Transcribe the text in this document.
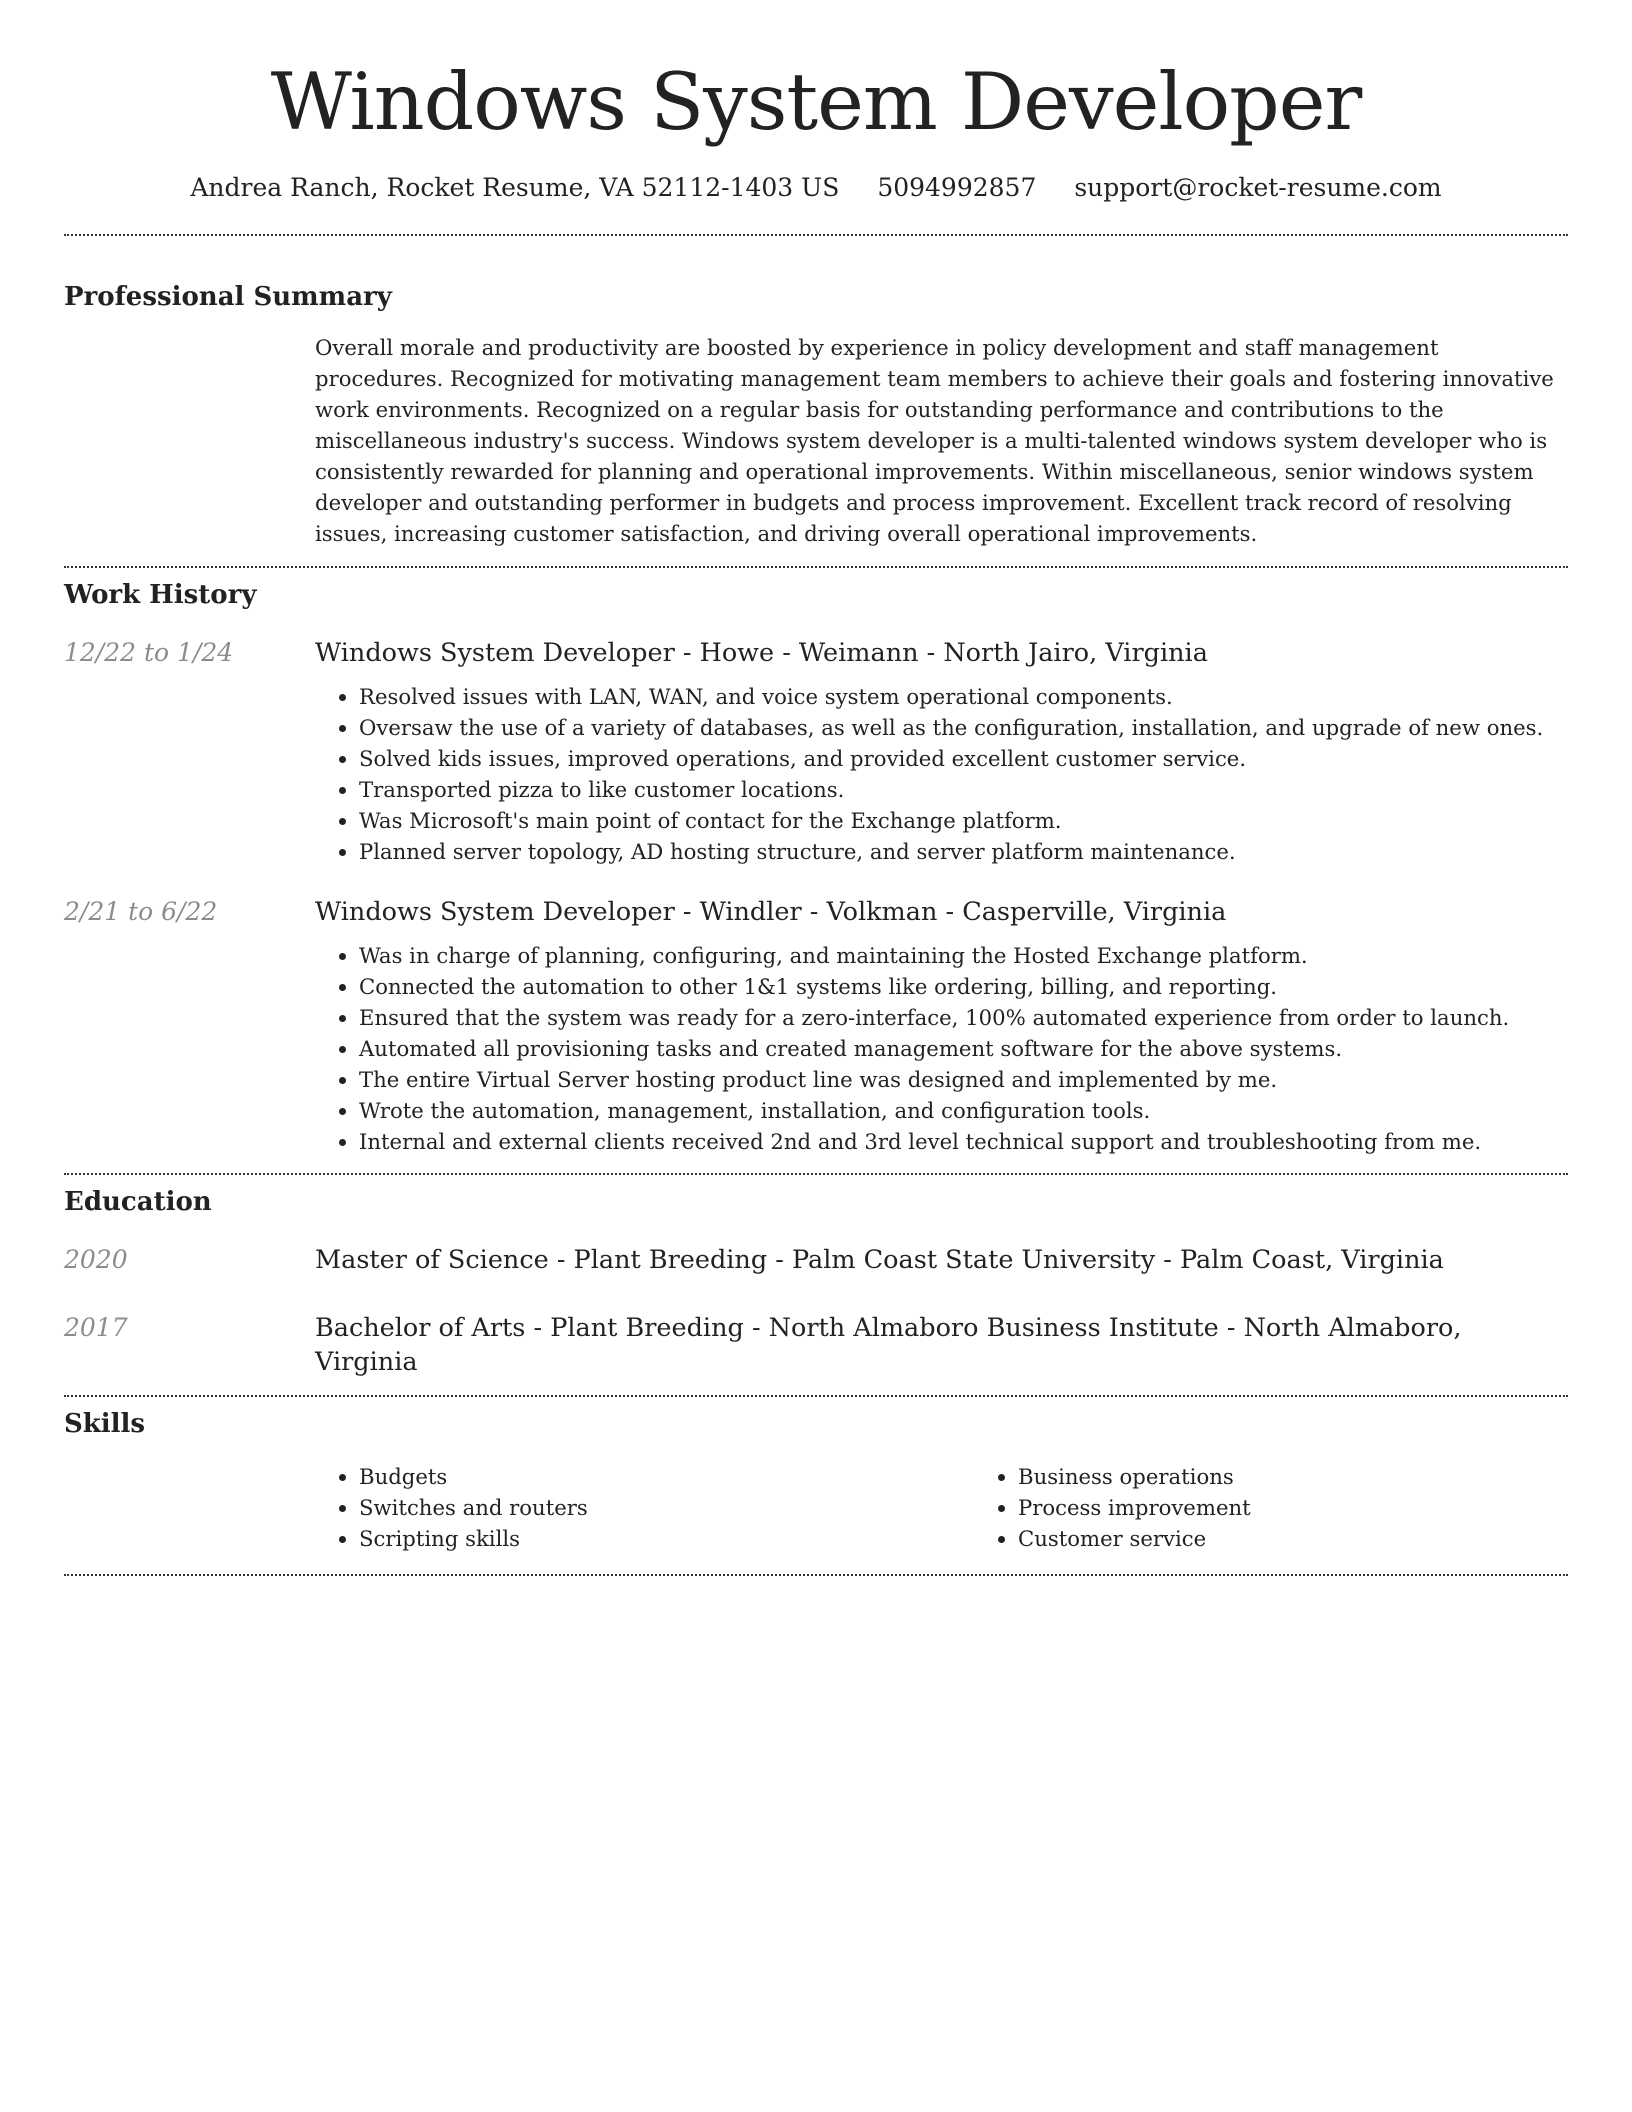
Windows System Developer
Andrea Ranch, Rocket Resume, VA 52112-1403 US 5094992857 support@rocket-resume.com
Professional Summary

Overall morale and productivity are boosted by experience in policy development and staff management procedures. Recognized for motivating management team members to achieve their goals and fostering innovative work environments. Recognized on a regular basis for outstanding performance and contributions to the miscellaneous industry's success. Windows system developer is a multi-talented windows system developer who is consistently rewarded for planning and operational improvements. Within miscellaneous, senior windows system developer and outstanding performer in budgets and process improvement. Excellent track record of resolving issues, increasing customer satisfaction, and driving overall operational improvements.

Work History
12/22 to 1/24	Windows System Developer - Howe - Weimann - North Jairo, Virginia
• Resolved issues with LAN, WAN, and voice system operational components.
• Oversaw the use of a variety of databases, as well as the configuration, installation, and upgrade of new ones.
• Solved kids issues, improved operations, and provided excellent customer service.
• Transported pizza to like customer locations.
• Was Microsoft's main point of contact for the Exchange platform.
• Planned server topology, AD hosting structure, and server platform maintenance.
2/21 to 6/22	Windows System Developer - Windler - Volkman - Casperville, Virginia
• Was in charge of planning, configuring, and maintaining the Hosted Exchange platform.
• Connected the automation to other 1&1 systems like ordering, billing, and reporting.
• Ensured that the system was ready for a zero-interface, 100% automated experience from order to launch.
• Automated all provisioning tasks and created management software for the above systems.
• The entire Virtual Server hosting product line was designed and implemented by me.
• Wrote the automation, management, installation, and configuration tools.
• Internal and external clients received 2nd and 3rd level technical support and troubleshooting from me.
Education
2020	Master of Science - Plant Breeding - Palm Coast State University - Palm Coast, Virginia
2017	Bachelor of Arts - Plant Breeding - North Almaboro Business Institute - North Almaboro, Virginia
Skills
• Budgets
• Switches and routers
• Scripting skills
• Business operations
• Process improvement
• Customer service
